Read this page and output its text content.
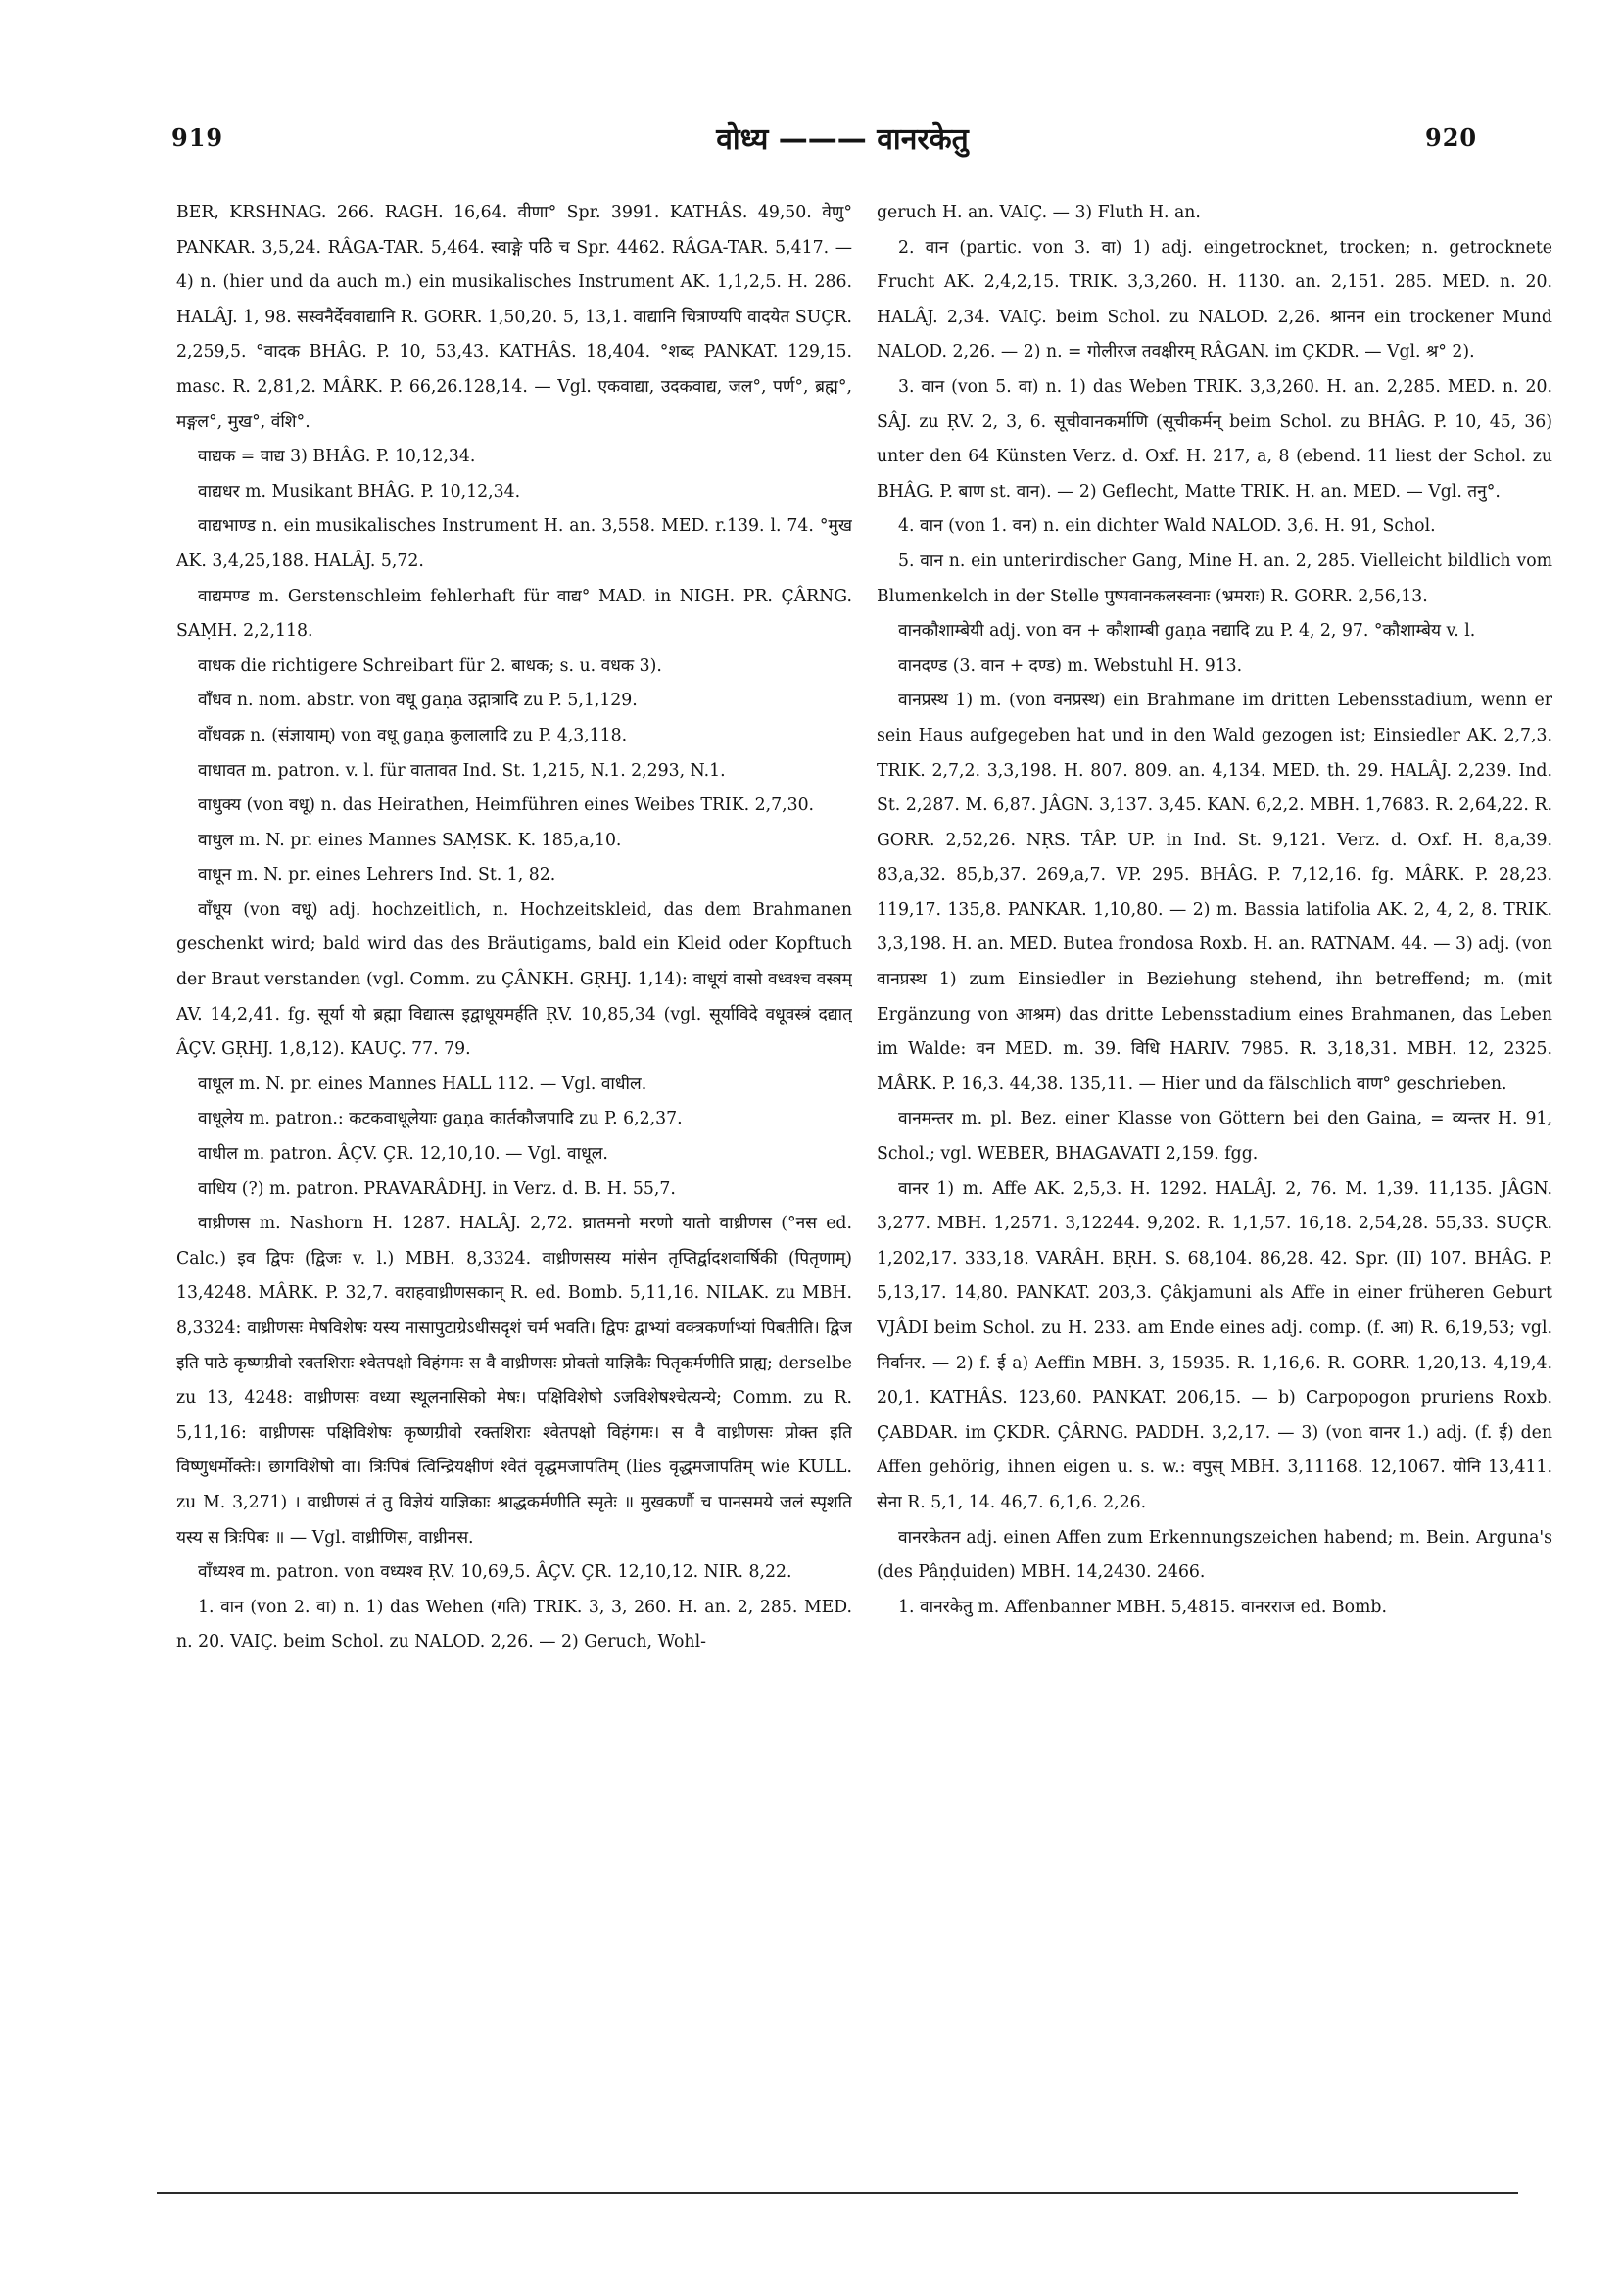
919	वोध्य ——— वानरकेतु	920

BER, KRSHNAG. 266. RAGH. 16,64. वीणा° Spr. 3991. KATHÂS. 49,50. वेणु° PANKAR. 3,5,24. RÂGA-TAR. 5,464. स्वाङ्गे पठेि च Spr. 4462. RÂGA-TAR. 5,417. — 4) n. (hier und da auch m.) ein musikalisches Instrument AK. 1,1,2,5. H. 286. HALÂJ. 1, 98. सस्वनैर्देववाद्यानि R. GORR. 1,50,20. 5, 13,1. वाद्यानि चित्राण्यपि वादयेत SUÇR. 2,259,5. °वादक BHÂG. P. 10, 53,43. KATHÂS. 18,404. °शब्द PANKAT. 129,15. masc. R. 2,81,2. MÂRK. P. 66,26.128,14. — Vgl. एकवाद्या, उदकवाद्य, जल°, पर्ण°, ब्रह्म°, मङ्गल°, मुख°, वंशि°.

वाद्यक = वाद्य 3) BHÂG. P. 10,12,34.

वाद्यधर m. Musikant BHÂG. P. 10,12,34.

वाद्यभाण्ड n. ein musikalisches Instrument H. an. 3,558. MED. r.139. l. 74. °मुख AK. 3,4,25,188. HALÂJ. 5,72.

वाद्यमण्ड m. Gerstenschleim fehlerhaft für वाद्य° MAD. in NIGH. PR. ÇÂRNG. SAṂH. 2,2,118.

वाधक die richtigere Schreibart für 2. बाधक; s. u. वधक 3).

वाँधव n. nom. abstr. von वधू gaṇa उद्गात्रादि zu P. 5,1,129.

वाँधवक्र n. (संज्ञायाम्) von वधू gaṇa कुलालादि zu P. 4,3,118.

वाधावत m. patron. v. l. für वातावत Ind. St. 1,215, N.1. 2,293, N.1.

वाधुक्य (von वधू) n. das Heirathen, Heimführen eines Weibes TRIK. 2,7,30.

वाधुल m. N. pr. eines Mannes SAṂSK. K. 185,a,10.

वाधून m. N. pr. eines Lehrers Ind. St. 1, 82.

वाँधूय (von वधू) adj. hochzeitlich, n. Hochzeitskleid, das dem Brahmanen geschenkt wird; bald wird das des Bräutigams, bald ein Kleid oder Kopftuch der Braut verstanden (vgl. Comm. zu ÇÂNKH. GṚHJ. 1,14): वाधूयं वासो वध्वश्च वस्त्रम् AV. 14,2,41. fg. सूर्या यो ब्रह्मा विद्यात्स इद्वाधूयमर्हति ṚV. 10,85,34 (vgl. सूर्याविदे वधूवस्त्रं दद्यात् ÂÇV. GṚHJ. 1,8,12). KAUÇ. 77. 79.

वाधूल m. N. pr. eines Mannes HALL 112. — Vgl. वाधील.

वाधूलेय m. patron.: कटकवाधूलेयाः gaṇa कार्तकौजपादि zu P. 6,2,37.

वाधील m. patron. ÂÇV. ÇR. 12,10,10. — Vgl. वाधूल.

वाधिय (?) m. patron. PRAVARÂDHJ. in Verz. d. B. H. 55,7.

वाध्रीणस m. Nashorn H. 1287. HALÂJ. 2,72. घ्रातमनो मरणो यातो वाध्रीणस (°नस ed. Calc.) इव द्विपः (द्विजः v. l.) MBH. 8,3324. वाध्रीणसस्य मांसेन तृप्तिर्द्वादशवार्षिकी (पितृणाम्) 13,4248. MÂRK. P. 32,7. वराहवाध्रीणसकान् R. ed. Bomb. 5,11,16. NILAK. zu MBH. 8,3324: वाध्रीणसः मेषविशेषः यस्य नासापुटाग्रेऽधीसदृशं चर्म भवति। द्विपः द्वाभ्यां वक्त्रकर्णाभ्यां पिबतीति। द्विज इति पाठे कृष्णग्रीवो रक्तशिराः श्वेतपक्षो विहंगमः स वै वाध्रीणसः प्रोक्तो याज्ञिकैः पितृकर्मणीति प्राह्य; derselbe zu 13, 4248: वाध्रीणसः वध्या स्थूलनासिको मेषः। पक्षिविशेषो ऽजविशेषश्चेत्यन्ये; Comm. zu R. 5,11,16: वाध्रीणसः पक्षिविशेषः कृष्णग्रीवो रक्तशिराः श्वेतपक्षो विहंगमः। स वै वाध्रीणसः प्रोक्त इति विष्णुधर्मोक्तेः। छागविशेषो वा। त्रिःपिबं त्विन्द्रियक्षीणं श्वेतं वृद्धमजापतिम् (lies वृद्धमजापतिम् wie KULL. zu M. 3,271) । वाध्रीणसं तं तु विज्ञेयं याज्ञिकाः श्राद्धकर्मणीति स्मृतेः ॥ मुखकर्णौ च पानसमये जलं स्पृशति यस्य स त्रिःपिबः ॥ — Vgl. वाध्रीणिस, वाध्रीनस.

वाँध्यश्व m. patron. von वध्यश्व ṚV. 10,69,5. ÂÇV. ÇR. 12,10,12. NIR. 8,22.

1. वान (von 2. वा) n. 1) das Wehen (गति) TRIK. 3, 3, 260. H. an. 2, 285. MED. n. 20. VAIÇ. beim Schol. zu NALOD. 2,26. — 2) Geruch, Wohl-

geruch H. an. VAIÇ. — 3) Fluth H. an.

2. वान (partic. von 3. वा) 1) adj. eingetrocknet, trocken; n. getrocknete Frucht AK. 2,4,2,15. TRIK. 3,3,260. H. 1130. an. 2,151. 285. MED. n. 20. HALÂJ. 2,34. VAIÇ. beim Schol. zu NALOD. 2,26. श्रानन ein trockener Mund NALOD. 2,26. — 2) n. = गोलीरज तवक्षीरम् RÂGAN. im ÇKDR. — Vgl. श्र° 2).

3. वान (von 5. वा) n. 1) das Weben TRIK. 3,3,260. H. an. 2,285. MED. n. 20. SÂJ. zu ṚV. 2, 3, 6. सूचीवानकर्माणि (सूचीकर्मन् beim Schol. zu BHÂG. P. 10, 45, 36) unter den 64 Künsten Verz. d. Oxf. H. 217, a, 8 (ebend. 11 liest der Schol. zu BHÂG. P. बाण st. वान). — 2) Geflecht, Matte TRIK. H. an. MED. — Vgl. तनु°.

4. वान (von 1. वन) n. ein dichter Wald NALOD. 3,6. H. 91, Schol.

5. वान n. ein unterirdischer Gang, Mine H. an. 2, 285. Vielleicht bildlich vom Blumenkelch in der Stelle पुष्पवानकलस्वनाः (भ्रमराः) R. GORR. 2,56,13.

वानकौशाम्बेयी adj. von वन + कौशाम्बी gaṇa नद्यादि zu P. 4, 2, 97. °कौशाम्बेय v. l.

वानदण्ड (3. वान + दण्ड) m. Webstuhl H. 913.

वानप्रस्थ 1) m. (von वनप्रस्थ) ein Brahmane im dritten Lebensstadium, wenn er sein Haus aufgegeben hat und in den Wald gezogen ist; Einsiedler AK. 2,7,3. TRIK. 2,7,2. 3,3,198. H. 807. 809. an. 4,134. MED. th. 29. HALÂJ. 2,239. Ind. St. 2,287. M. 6,87. JÂGN. 3,137. 3,45. KAN. 6,2,2. MBH. 1,7683. R. 2,64,22. R. GORR. 2,52,26. NṚS. TÂP. UP. in Ind. St. 9,121. Verz. d. Oxf. H. 8,a,39. 83,a,32. 85,b,37. 269,a,7. VP. 295. BHÂG. P. 7,12,16. fg. MÂRK. P. 28,23. 119,17. 135,8. PANKAR. 1,10,80. — 2) m. Bassia latifolia AK. 2, 4, 2, 8. TRIK. 3,3,198. H. an. MED. Butea frondosa Roxb. H. an. RATNAM. 44. — 3) adj. (von वानप्रस्थ 1) zum Einsiedler in Beziehung stehend, ihn betreffend; m. (mit Ergänzung von आश्रम) das dritte Lebensstadium eines Brahmanen, das Leben im Walde: वन MED. m. 39. विधि HARIV. 7985. R. 3,18,31. MBH. 12, 2325. MÂRK. P. 16,3. 44,38. 135,11. — Hier und da fälschlich वाण° geschrieben.

वानमन्तर m. pl. Bez. einer Klasse von Göttern bei den Gaina, = व्यन्तर H. 91, Schol.; vgl. WEBER, BHAGAVATI 2,159. fgg.

वानर 1) m. Affe AK. 2,5,3. H. 1292. HALÂJ. 2, 76. M. 1,39. 11,135. JÂGN. 3,277. MBH. 1,2571. 3,12244. 9,202. R. 1,1,57. 16,18. 2,54,28. 55,33. SUÇR. 1,202,17. 333,18. VARÂH. BṚH. S. 68,104. 86,28. 42. Spr. (II) 107. BHÂG. P. 5,13,17. 14,80. PANKAT. 203,3. Çâkjamuni als Affe in einer früheren Geburt VJÂDI beim Schol. zu H. 233. am Ende eines adj. comp. (f. आ) R. 6,19,53; vgl. निर्वानर. — 2) f. ई a) Aeffin MBH. 3, 15935. R. 1,16,6. R. GORR. 1,20,13. 4,19,4. 20,1. KATHÂS. 123,60. PANKAT. 206,15. — b) Carpopogon pruriens Roxb. ÇABDAR. im ÇKDR. ÇÂRNG. PADDH. 3,2,17. — 3) (von वानर 1.) adj. (f. ई) den Affen gehörig, ihnen eigen u. s. w.: वपुस् MBH. 3,11168. 12,1067. योनि 13,411. सेना R. 5,1, 14. 46,7. 6,1,6. 2,26.

वानरकेतन adj. einen Affen zum Erkennungszeichen habend; m. Bein. Arguna's (des Pâṇḍuiden) MBH. 14,2430. 2466.

1. वानरकेतु m. Affenbanner MBH. 5,4815. वानरराज ed. Bomb.
